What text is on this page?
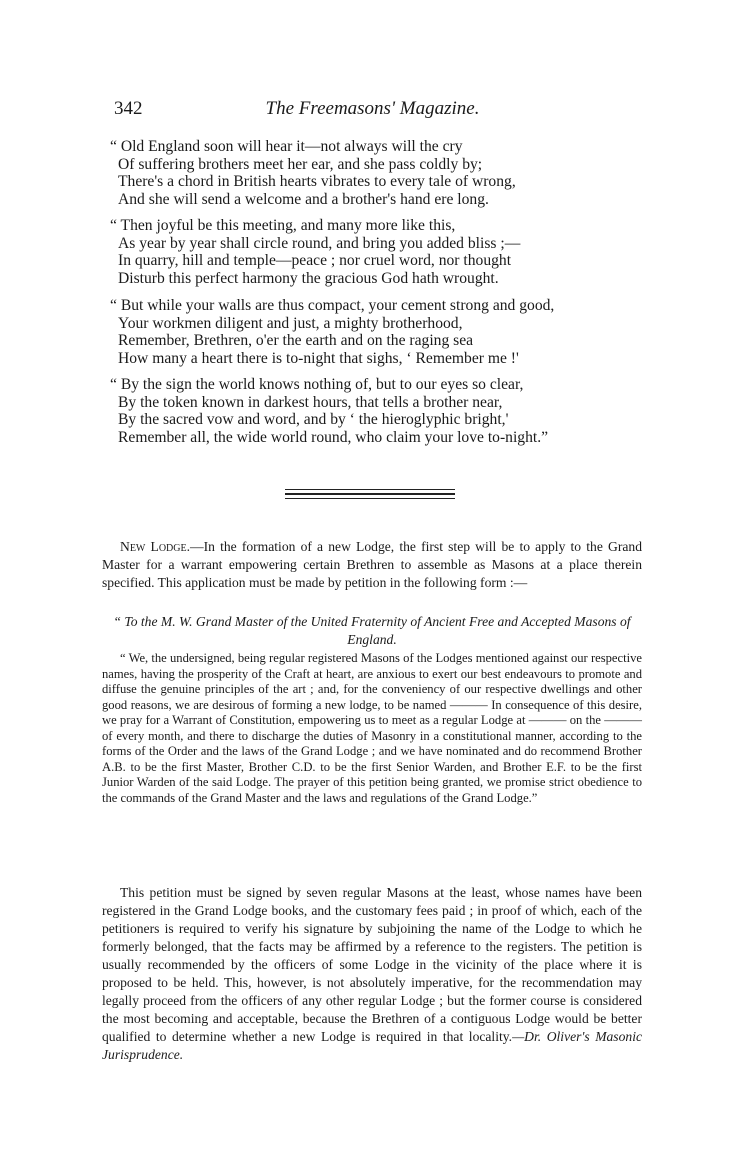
342	The Freemasons' Magazine.

“ Old England soon will hear it—not always will the cry

Of suffering brothers meet her ear, and she pass coldly by;

There's a chord in British hearts vibrates to every tale of wrong,

And she will send a welcome and a brother's hand ere long.

“ Then joyful be this meeting, and many more like this,

As year by year shall circle round, and bring you added bliss ;—

In quarry, hill and temple—peace ; nor cruel word, nor thought

Disturb this perfect harmony the gracious God hath wrought.

“ But while your walls are thus compact, your cement strong and good,

Your workmen diligent and just, a mighty brotherhood,

Remember, Brethren, o'er the earth and on the raging sea

How many a heart there is to-night that sighs, ‘ Remember me !'

“ By the sign the world knows nothing of, but to our eyes so clear,

By the token known in darkest hours, that tells a brother near,

By the sacred vow and word, and by ‘ the hieroglyphic bright,'

Remember all, the wide world round, who claim your love to-night.”

New Lodge.—In the formation of a new Lodge, the first step will be to apply to the Grand Master for a warrant empowering certain Brethren to assemble as Masons at a place therein specified. This application must be made by petition in the following form :—

“ To the M. W. Grand Master of the United Fraternity of Ancient Free and Accepted Masons of England.

“ We, the undersigned, being regular registered Masons of the Lodges mentioned against our respective names, having the prosperity of the Craft at heart, are anxious to exert our best endeavours to promote and diffuse the genuine principles of the art ; and, for the conveniency of our respective dwellings and other good reasons, we are desirous of forming a new lodge, to be named ——— In consequence of this desire, we pray for a Warrant of Constitution, empowering us to meet as a regular Lodge at ——— on the ——— of every month, and there to discharge the duties of Masonry in a constitutional manner, according to the forms of the Order and the laws of the Grand Lodge ; and we have nominated and do recommend Brother A.B. to be the first Master, Brother C.D. to be the first Senior Warden, and Brother E.F. to be the first Junior Warden of the said Lodge. The prayer of this petition being granted, we promise strict obedience to the commands of the Grand Master and the laws and regulations of the Grand Lodge.”

This petition must be signed by seven regular Masons at the least, whose names have been registered in the Grand Lodge books, and the customary fees paid ; in proof of which, each of the petitioners is required to verify his signature by subjoining the name of the Lodge to which he formerly belonged, that the facts may be affirmed by a reference to the registers. The petition is usually recommended by the officers of some Lodge in the vicinity of the place where it is proposed to be held. This, however, is not absolutely imperative, for the recommendation may legally proceed from the officers of any other regular Lodge ; but the former course is considered the most becoming and acceptable, because the Brethren of a contiguous Lodge would be better qualified to determine whether a new Lodge is required in that locality.—Dr. Oliver's Masonic Jurisprudence.
